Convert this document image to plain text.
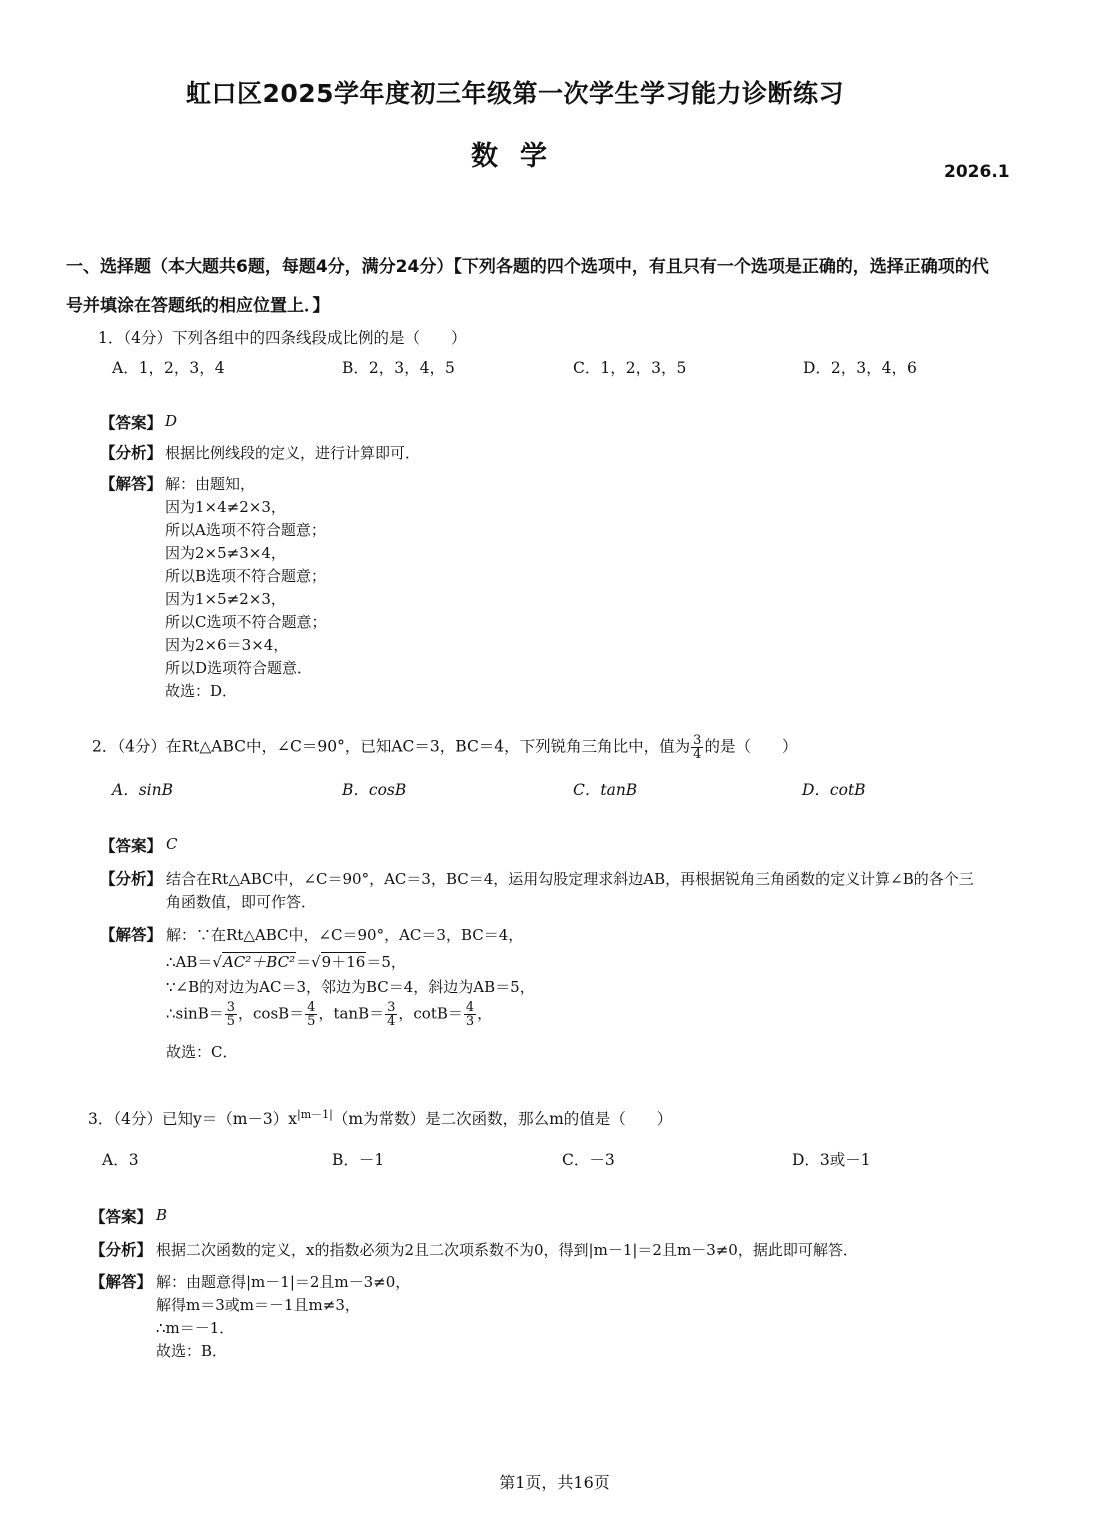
虹口区2025学年度初三年级第一次学生学习能力诊断练习
数学	2026.1
一、选择题（本大题共6题，每题4分，满分24分）【下列各题的四个选项中，有且只有一个选项是正确的，选择正确项的代
号并填涂在答题纸的相应位置上．】
1．（4分）下列各组中的四条线段成比例的是（　　）
A．1，2，3，4	B．2，3，4，5	C．1，2，3，5	D．2，3，4，6
【答案】 D
【分析】 根据比例线段的定义，进行计算即可．
【解答】 解：由题知，
因为1×4≠2×3，
所以A选项不符合题意；
因为2×5≠3×4，
所以B选项不符合题意；
因为1×5≠2×3，
所以C选项不符合题意；
因为2×6＝3×4，
所以D选项符合题意．
故选：D．
2．（4分）在Rt△ABC中，∠C＝90°，已知AC＝3，BC＝4，下列锐角三角比中，值为 $\frac{3}{4}$ 的是（　　）
A．sinB	B．cosB	C．tanB	D．cotB
【答案】 C
【分析】 结合在Rt△ABC中，∠C＝90°，AC＝3，BC＝4，运用勾股定理求斜边AB，再根据锐角三角函数的定义计算∠B的各个三
角函数值，即可作答．
【解答】 解：∵在Rt△ABC中，∠C＝90°，AC＝3，BC＝4，
∴AB＝√AC²＋BC²＝√9＋16＝5，
∵∠B的对边为AC＝3，邻边为BC＝4，斜边为AB＝5，
∴sinB＝ $\frac{3}{5}$ ，$\cos B= \frac{4}{5}$ ，$\tan B= \frac{3}{4}$ ，$\cot B= \frac{4}{3}$ ，
故选：C．
3．（4分）已知$y=(m-3)x^{|m-1|}(m$为常数）是二次函数，那么m的值是（　　）
A．3	B．－1	C．－3	D．3或－1
【答案】 B
【分析】 根据二次函数的定义，x的指数必须为2且二次项系数不为0，得到|m－1|＝2且m－3≠0，据此即可解答．
【解答】 解：由题意得|m－1|＝2且m－3≠0，
解得m＝3或m＝－1且m≠3，
∴m＝－1．
故选：B．
第1页，共16页
